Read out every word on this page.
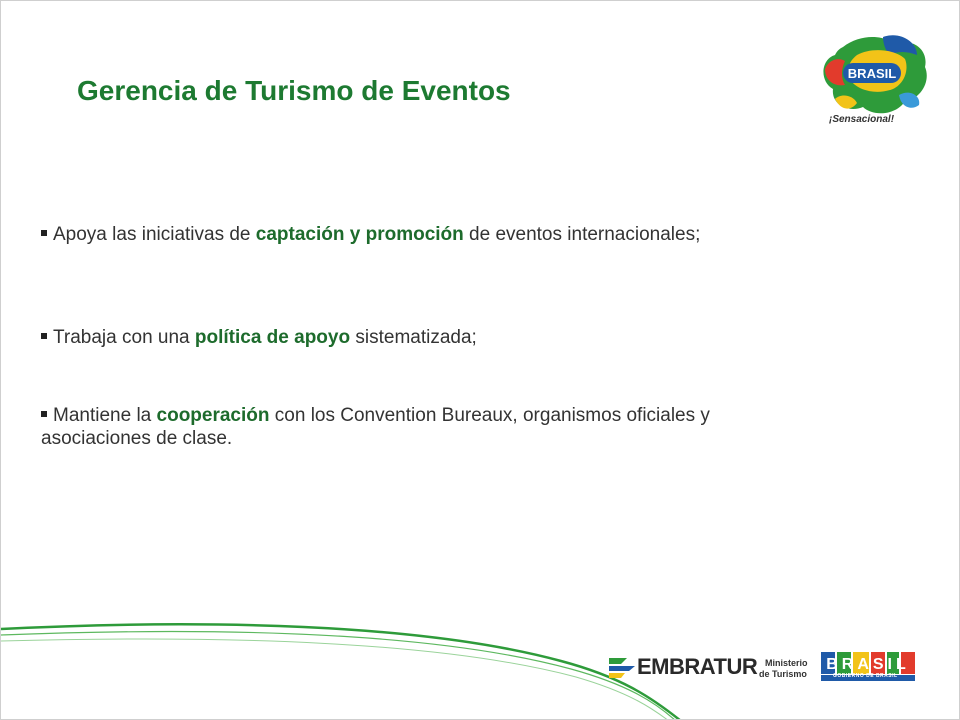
Gerencia de Turismo de Eventos
BRASIL
¡Sensacional!

Apoya las iniciativas de captación y promoción de eventos internacionales;

Trabaja con una política de apoyo sistematizada;

Mantiene la cooperación con los Convention Bureaux, organismos oficiales y asociaciones de clase.

EMBRATUR Ministerio
de Turismo
BRASIL
GOBIERNO DE BRASIL
